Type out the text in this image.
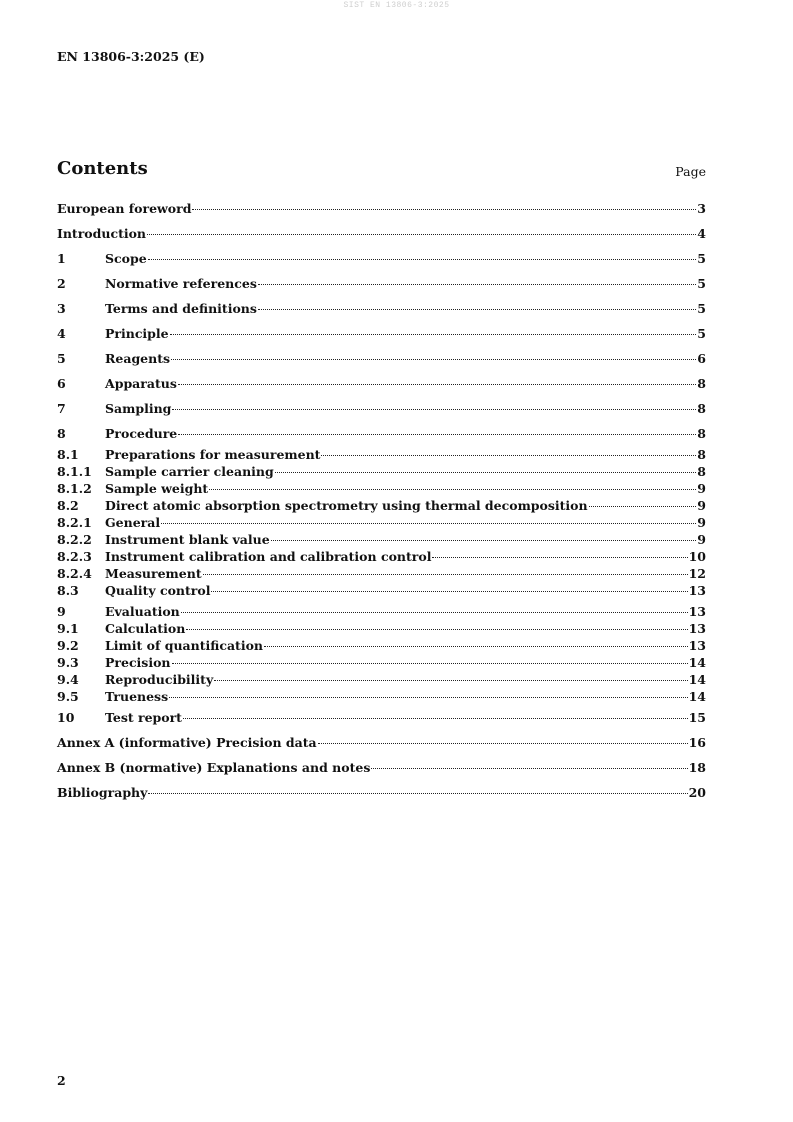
SIST EN 13806-3:2025
EN 13806-3:2025 (E)
Contents	Page
European foreword	3
Introduction	4
1	Scope	5
2	Normative references	5
3	Terms and definitions	5
4	Principle	5
5	Reagents	6
6	Apparatus	8
7	Sampling	8
8	Procedure	8
8.1	Preparations for measurement	8
8.1.1	Sample carrier cleaning	8
8.1.2	Sample weight	9
8.2	Direct atomic absorption spectrometry using thermal decomposition	9
8.2.1	General	9
8.2.2	Instrument blank value	9
8.2.3	Instrument calibration and calibration control	10
8.2.4	Measurement	12
8.3	Quality control	13
9	Evaluation	13
9.1	Calculation	13
9.2	Limit of quantification	13
9.3	Precision	14
9.4	Reproducibility	14
9.5	Trueness	14
10	Test report	15
Annex A (informative) Precision data	16
Annex B (normative) Explanations and notes	18
Bibliography	20
2
